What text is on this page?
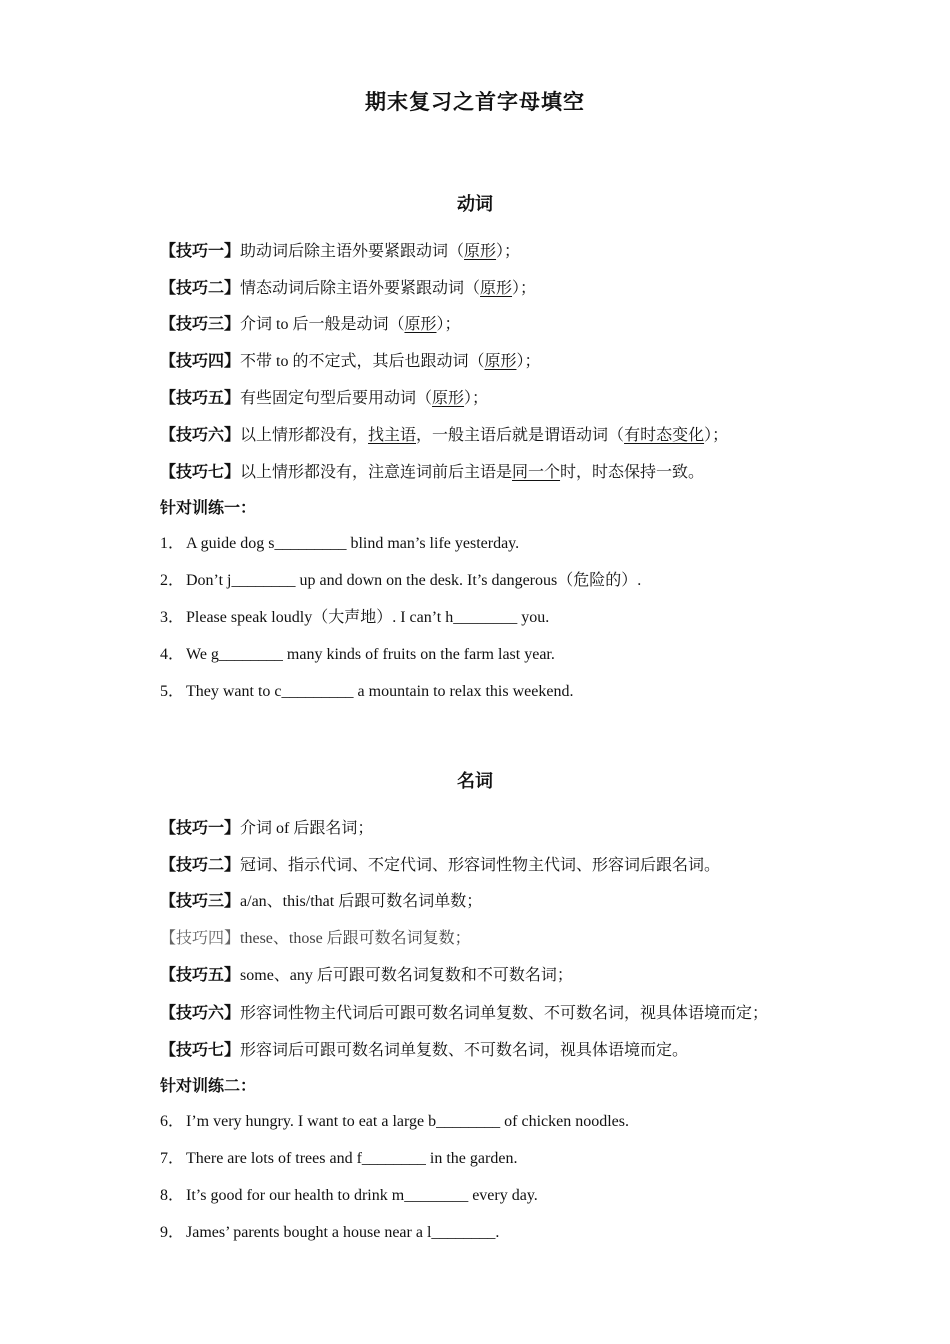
期末复习之首字母填空
动词
【技巧一】助动词后除主语外要紧跟动词（原形）；
【技巧二】情态动词后除主语外要紧跟动词（原形）；
【技巧三】介词 to 后一般是动词（原形）；
【技巧四】不带 to 的不定式，其后也跟动词（原形）；
【技巧五】有些固定句型后要用动词（原形）；
【技巧六】以上情形都没有，找主语，一般主语后就是谓语动词（有时态变化）；
【技巧七】以上情形都没有，注意连词前后主语是同一个时，时态保持一致。
针对训练一：
1． A guide dog s_________ blind man’s life yesterday.
2． Don’t j________ up and down on the desk. It’s dangerous（危险的）.
3． Please speak loudly（大声地）. I can’t h________ you.
4． We g________ many kinds of fruits on the farm last year.
5． They want to c_________ a mountain to relax this weekend.
名词
【技巧一】介词 of 后跟名词；
【技巧二】冠词、指示代词、不定代词、形容词性物主代词、形容词后跟名词。
【技巧三】a/an、this/that 后跟可数名词单数；
【技巧四】these、those 后跟可数名词复数；
【技巧五】some、any 后可跟可数名词复数和不可数名词；
【技巧六】形容词性物主代词后可跟可数名词单复数、不可数名词，视具体语境而定；
【技巧七】形容词后可跟可数名词单复数、不可数名词，视具体语境而定。
针对训练二：
6． I’m very hungry. I want to eat a large b________ of chicken noodles.
7． There are lots of trees and f________ in the garden.
8． It’s good for our health to drink m________ every day.
9． James’ parents bought a house near a l________.
